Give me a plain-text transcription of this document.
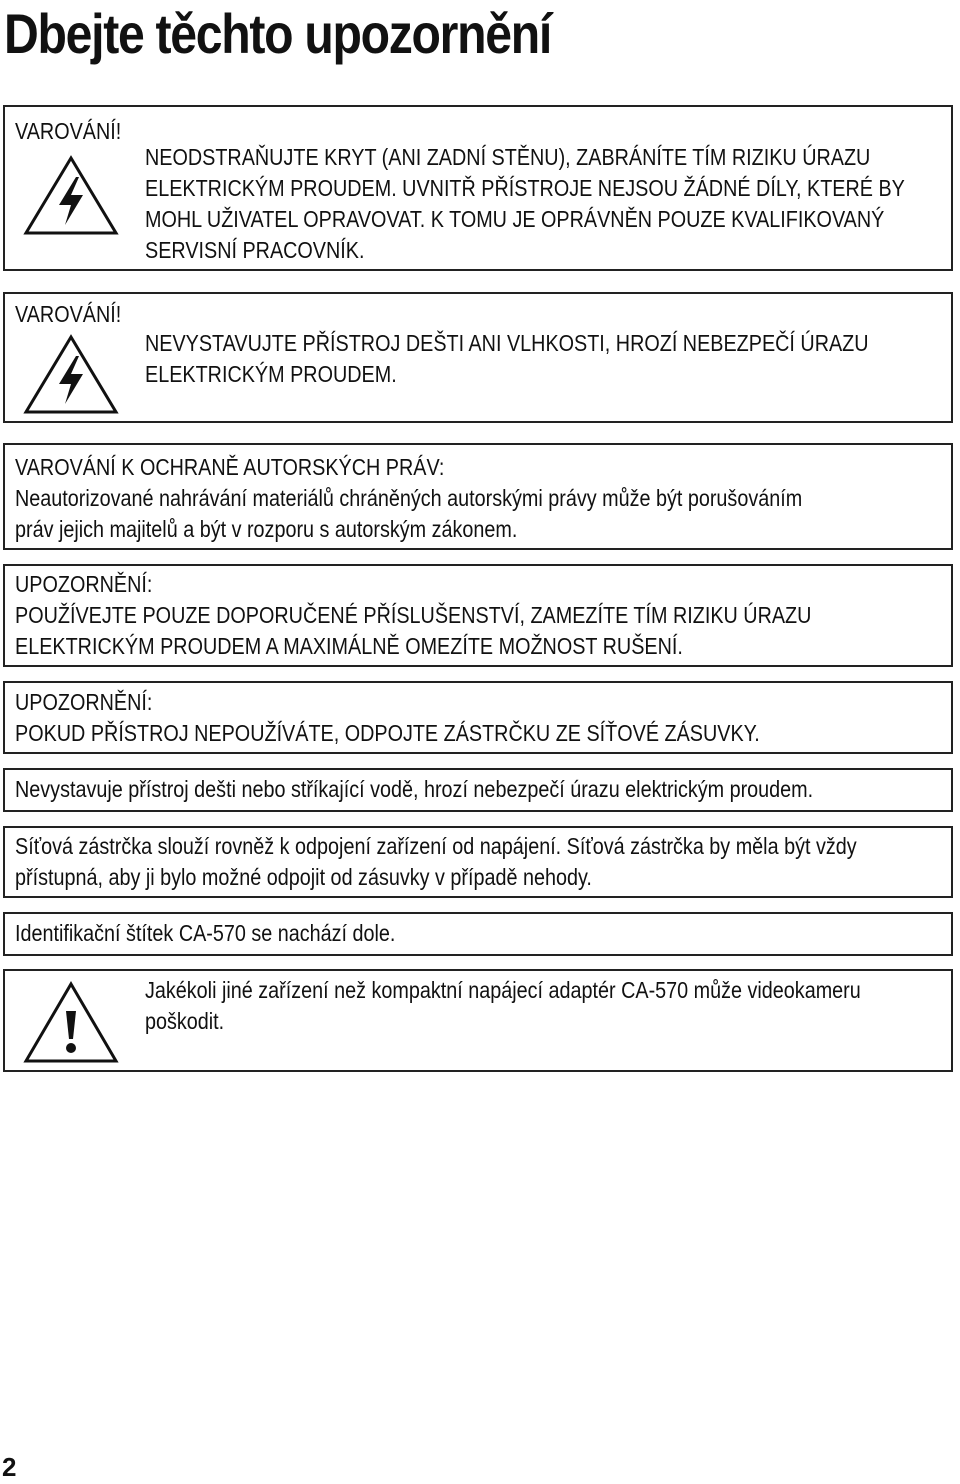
Dbejte těchto upozornění
VAROVÁNÍ!
NEODSTRAŇUJTE KRYT (ANI ZADNÍ STĚNU), ZABRÁNÍTE TÍM RIZIKU ÚRAZU
ELEKTRICKÝM PROUDEM. UVNITŘ PŘÍSTROJE NEJSOU ŽÁDNÉ DÍLY, KTERÉ BY
MOHL UŽIVATEL OPRAVOVAT. K TOMU JE OPRÁVNĚN POUZE KVALIFIKOVANÝ
SERVISNÍ PRACOVNÍK.
VAROVÁNÍ!
NEVYSTAVUJTE PŘÍSTROJ DEŠTI ANI VLHKOSTI, HROZÍ NEBEZPEČÍ ÚRAZU
ELEKTRICKÝM PROUDEM.
VAROVÁNÍ K OCHRANĚ AUTORSKÝCH PRÁV:
Neautorizované nahrávání materiálů chráněných autorskými právy může být porušováním
práv jejich majitelů a být v rozporu s autorským zákonem.
UPOZORNĚNÍ:
POUŽÍVEJTE POUZE DOPORUČENÉ PŘÍSLUŠENSTVÍ, ZAMEZÍTE TÍM RIZIKU ÚRAZU
ELEKTRICKÝM PROUDEM A MAXIMÁLNĚ OMEZÍTE MOŽNOST RUŠENÍ.
UPOZORNĚNÍ:
POKUD PŘÍSTROJ NEPOUŽÍVÁTE, ODPOJTE ZÁSTRČKU ZE SÍŤOVÉ ZÁSUVKY.
Nevystavuje přístroj dešti nebo stříkající vodě, hrozí nebezpečí úrazu elektrickým proudem.
Síťová zástrčka slouží rovněž k odpojení zařízení od napájení. Síťová zástrčka by měla být vždy
přístupná, aby ji bylo možné odpojit od zásuvky v případě nehody.
Identifikační štítek CA-570 se nachází dole.
Jakékoli jiné zařízení než kompaktní napájecí adaptér CA-570 může videokameru
poškodit.
2
